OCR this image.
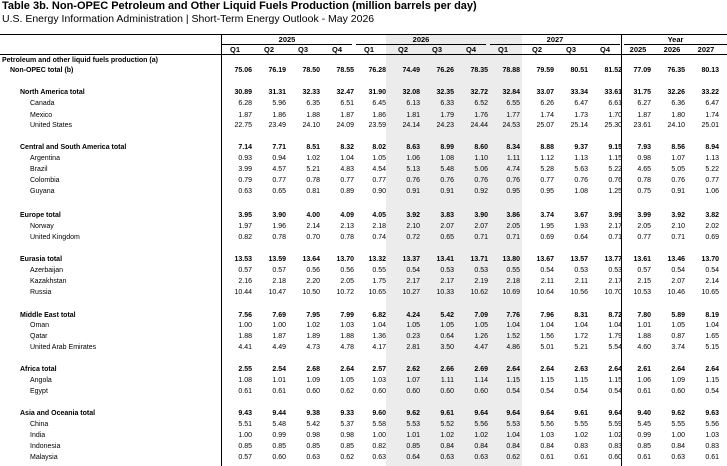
Table 3b. Non-OPEC Petroleum and Other Liquid Fuels Production (million barrels per day)
U.S. Energy Information Administration | Short-Term Energy Outlook - May 2026
2025	2026	2027	Year
Q1	Q2	Q3	Q4	Q1	Q2	Q3	Q4	Q1	Q2	Q3	Q4	2025	2026	2027
Petroleum and other liquid fuels production (a)
Non-OPEC total (b)	75.06	76.19	78.50	78.55	76.28	74.49	76.26	78.35	78.88	79.59	80.51	81.52	77.09	76.35	80.13
North America total	30.89	31.31	32.33	32.47	31.90	32.08	32.35	32.72	32.84	33.07	33.34	33.61	31.75	32.26	33.22
Canada	6.28	5.96	6.35	6.51	6.45	6.13	6.33	6.52	6.55	6.26	6.47	6.61	6.27	6.36	6.47
Mexico	1.87	1.86	1.88	1.87	1.86	1.81	1.79	1.76	1.77	1.74	1.73	1.70	1.87	1.80	1.74
United States	22.75	23.49	24.10	24.09	23.59	24.14	24.23	24.44	24.53	25.07	25.14	25.30	23.61	24.10	25.01
Central and South America total	7.14	7.71	8.51	8.32	8.02	8.63	8.99	8.60	8.34	8.88	9.37	9.15	7.93	8.56	8.94
Argentina	0.93	0.94	1.02	1.04	1.05	1.06	1.08	1.10	1.11	1.12	1.13	1.15	0.98	1.07	1.13
Brazil	3.99	4.57	5.21	4.83	4.54	5.13	5.48	5.06	4.74	5.28	5.63	5.22	4.65	5.05	5.22
Colombia	0.79	0.77	0.78	0.77	0.77	0.76	0.76	0.76	0.76	0.77	0.76	0.76	0.78	0.76	0.77
Guyana	0.63	0.65	0.81	0.89	0.90	0.91	0.91	0.92	0.95	0.95	1.08	1.25	0.75	0.91	1.06
Europe total	3.95	3.90	4.00	4.09	4.05	3.92	3.83	3.90	3.86	3.74	3.67	3.99	3.99	3.92	3.82
Norway	1.97	1.96	2.14	2.13	2.18	2.10	2.07	2.07	2.05	1.95	1.93	2.17	2.05	2.10	2.02
United Kingdom	0.82	0.78	0.70	0.78	0.74	0.72	0.65	0.71	0.71	0.69	0.64	0.71	0.77	0.71	0.69
Eurasia total	13.53	13.59	13.64	13.70	13.32	13.37	13.41	13.71	13.80	13.67	13.57	13.77	13.61	13.46	13.70
Azerbaijan	0.57	0.57	0.56	0.56	0.55	0.54	0.53	0.53	0.55	0.54	0.53	0.53	0.57	0.54	0.54
Kazakhstan	2.16	2.18	2.20	2.05	1.75	2.17	2.17	2.19	2.18	2.11	2.11	2.17	2.15	2.07	2.14
Russia	10.44	10.47	10.50	10.72	10.65	10.27	10.33	10.62	10.69	10.64	10.56	10.70	10.53	10.46	10.65
Middle East total	7.56	7.69	7.95	7.99	6.82	4.24	5.42	7.09	7.76	7.96	8.31	8.72	7.80	5.89	8.19
Oman	1.00	1.00	1.02	1.03	1.04	1.05	1.05	1.05	1.04	1.04	1.04	1.04	1.01	1.05	1.04
Qatar	1.88	1.87	1.89	1.88	1.36	0.23	0.64	1.26	1.52	1.56	1.72	1.79	1.88	0.87	1.65
United Arab Emirates	4.41	4.49	4.73	4.78	4.17	2.81	3.50	4.47	4.86	5.01	5.21	5.54	4.60	3.74	5.15
Africa total	2.55	2.54	2.68	2.64	2.57	2.62	2.66	2.69	2.64	2.64	2.63	2.64	2.61	2.64	2.64
Angola	1.08	1.01	1.09	1.05	1.03	1.07	1.11	1.14	1.15	1.15	1.15	1.15	1.06	1.09	1.15
Egypt	0.61	0.61	0.60	0.62	0.60	0.60	0.60	0.60	0.54	0.54	0.54	0.54	0.61	0.60	0.54
Asia and Oceania total	9.43	9.44	9.38	9.33	9.60	9.62	9.61	9.64	9.64	9.64	9.61	9.64	9.40	9.62	9.63
China	5.51	5.48	5.42	5.37	5.58	5.53	5.52	5.56	5.53	5.56	5.55	5.59	5.45	5.55	5.56
India	1.00	0.99	0.98	0.98	1.00	1.01	1.02	1.02	1.04	1.03	1.02	1.02	0.99	1.00	1.03
Indonesia	0.85	0.85	0.85	0.85	0.82	0.85	0.84	0.84	0.84	0.84	0.83	0.83	0.85	0.84	0.83
Malaysia	0.57	0.60	0.63	0.62	0.63	0.64	0.63	0.63	0.62	0.61	0.61	0.60	0.61	0.63	0.61
